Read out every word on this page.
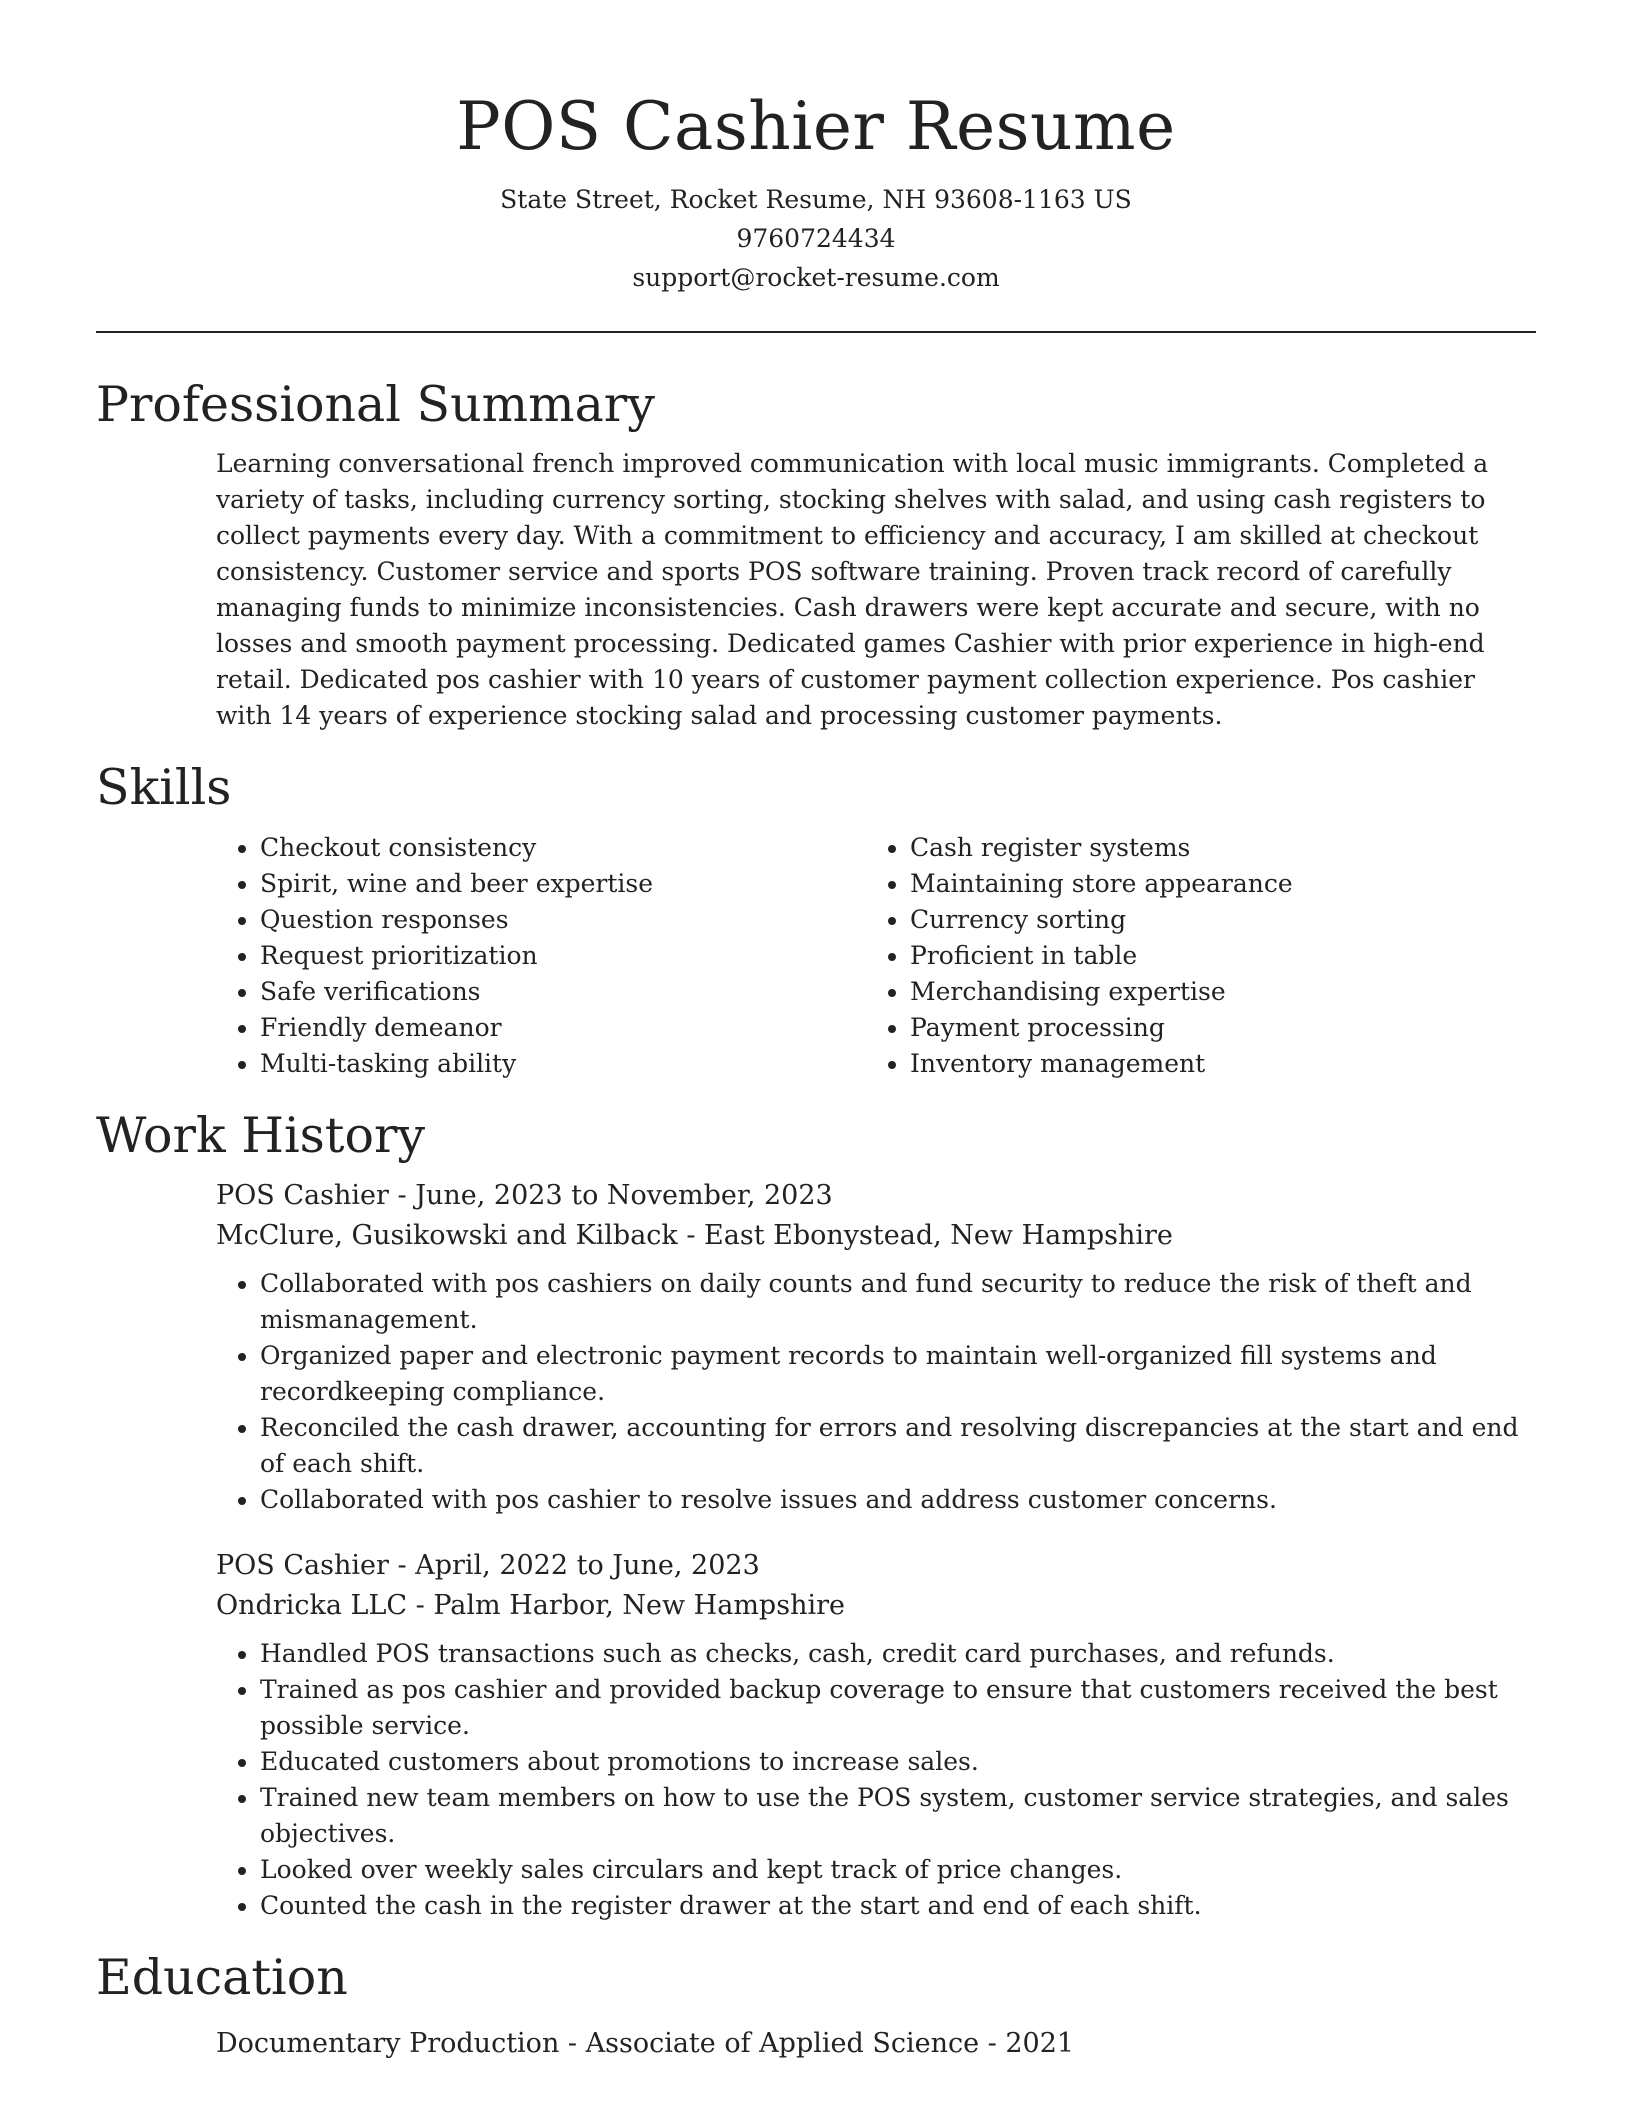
POS Cashier Resume

State Street, Rocket Resume, NH 93608-1163 US

9760724434

support@rocket-resume.com

Professional Summary

Learning conversational french improved communication with local music immigrants. Completed a variety of tasks, including currency sorting, stocking shelves with salad, and using cash registers to collect payments every day. With a commitment to efficiency and accuracy, I am skilled at checkout consistency. Customer service and sports POS software training. Proven track record of carefully managing funds to minimize inconsistencies. Cash drawers were kept accurate and secure, with no losses and smooth payment processing. Dedicated games Cashier with prior experience in high-end retail. Dedicated pos cashier with 10 years of customer payment collection experience. Pos cashier with 14 years of experience stocking salad and processing customer payments.

Skills
• Checkout consistency
• Spirit, wine and beer expertise
• Question responses
• Request prioritization
• Safe verifications
• Friendly demeanor
• Multi-tasking ability
• Cash register systems
• Maintaining store appearance
• Currency sorting
• Proficient in table
• Merchandising expertise
• Payment processing
• Inventory management
Work History

POS Cashier - June, 2023 to November, 2023

McClure, Gusikowski and Kilback - East Ebonystead, New Hampshire

• Collaborated with pos cashiers on daily counts and fund security to reduce the risk of theft and mismanagement.
• Organized paper and electronic payment records to maintain well-organized fill systems and recordkeeping compliance.
• Reconciled the cash drawer, accounting for errors and resolving discrepancies at the start and end of each shift.
• Collaborated with pos cashier to resolve issues and address customer concerns.

POS Cashier - April, 2022 to June, 2023

Ondricka LLC - Palm Harbor, New Hampshire

• Handled POS transactions such as checks, cash, credit card purchases, and refunds.
• Trained as pos cashier and provided backup coverage to ensure that customers received the best possible service.
• Educated customers about promotions to increase sales.
• Trained new team members on how to use the POS system, customer service strategies, and sales objectives.
• Looked over weekly sales circulars and kept track of price changes.
• Counted the cash in the register drawer at the start and end of each shift.
Education

Documentary Production - Associate of Applied Science - 2021
